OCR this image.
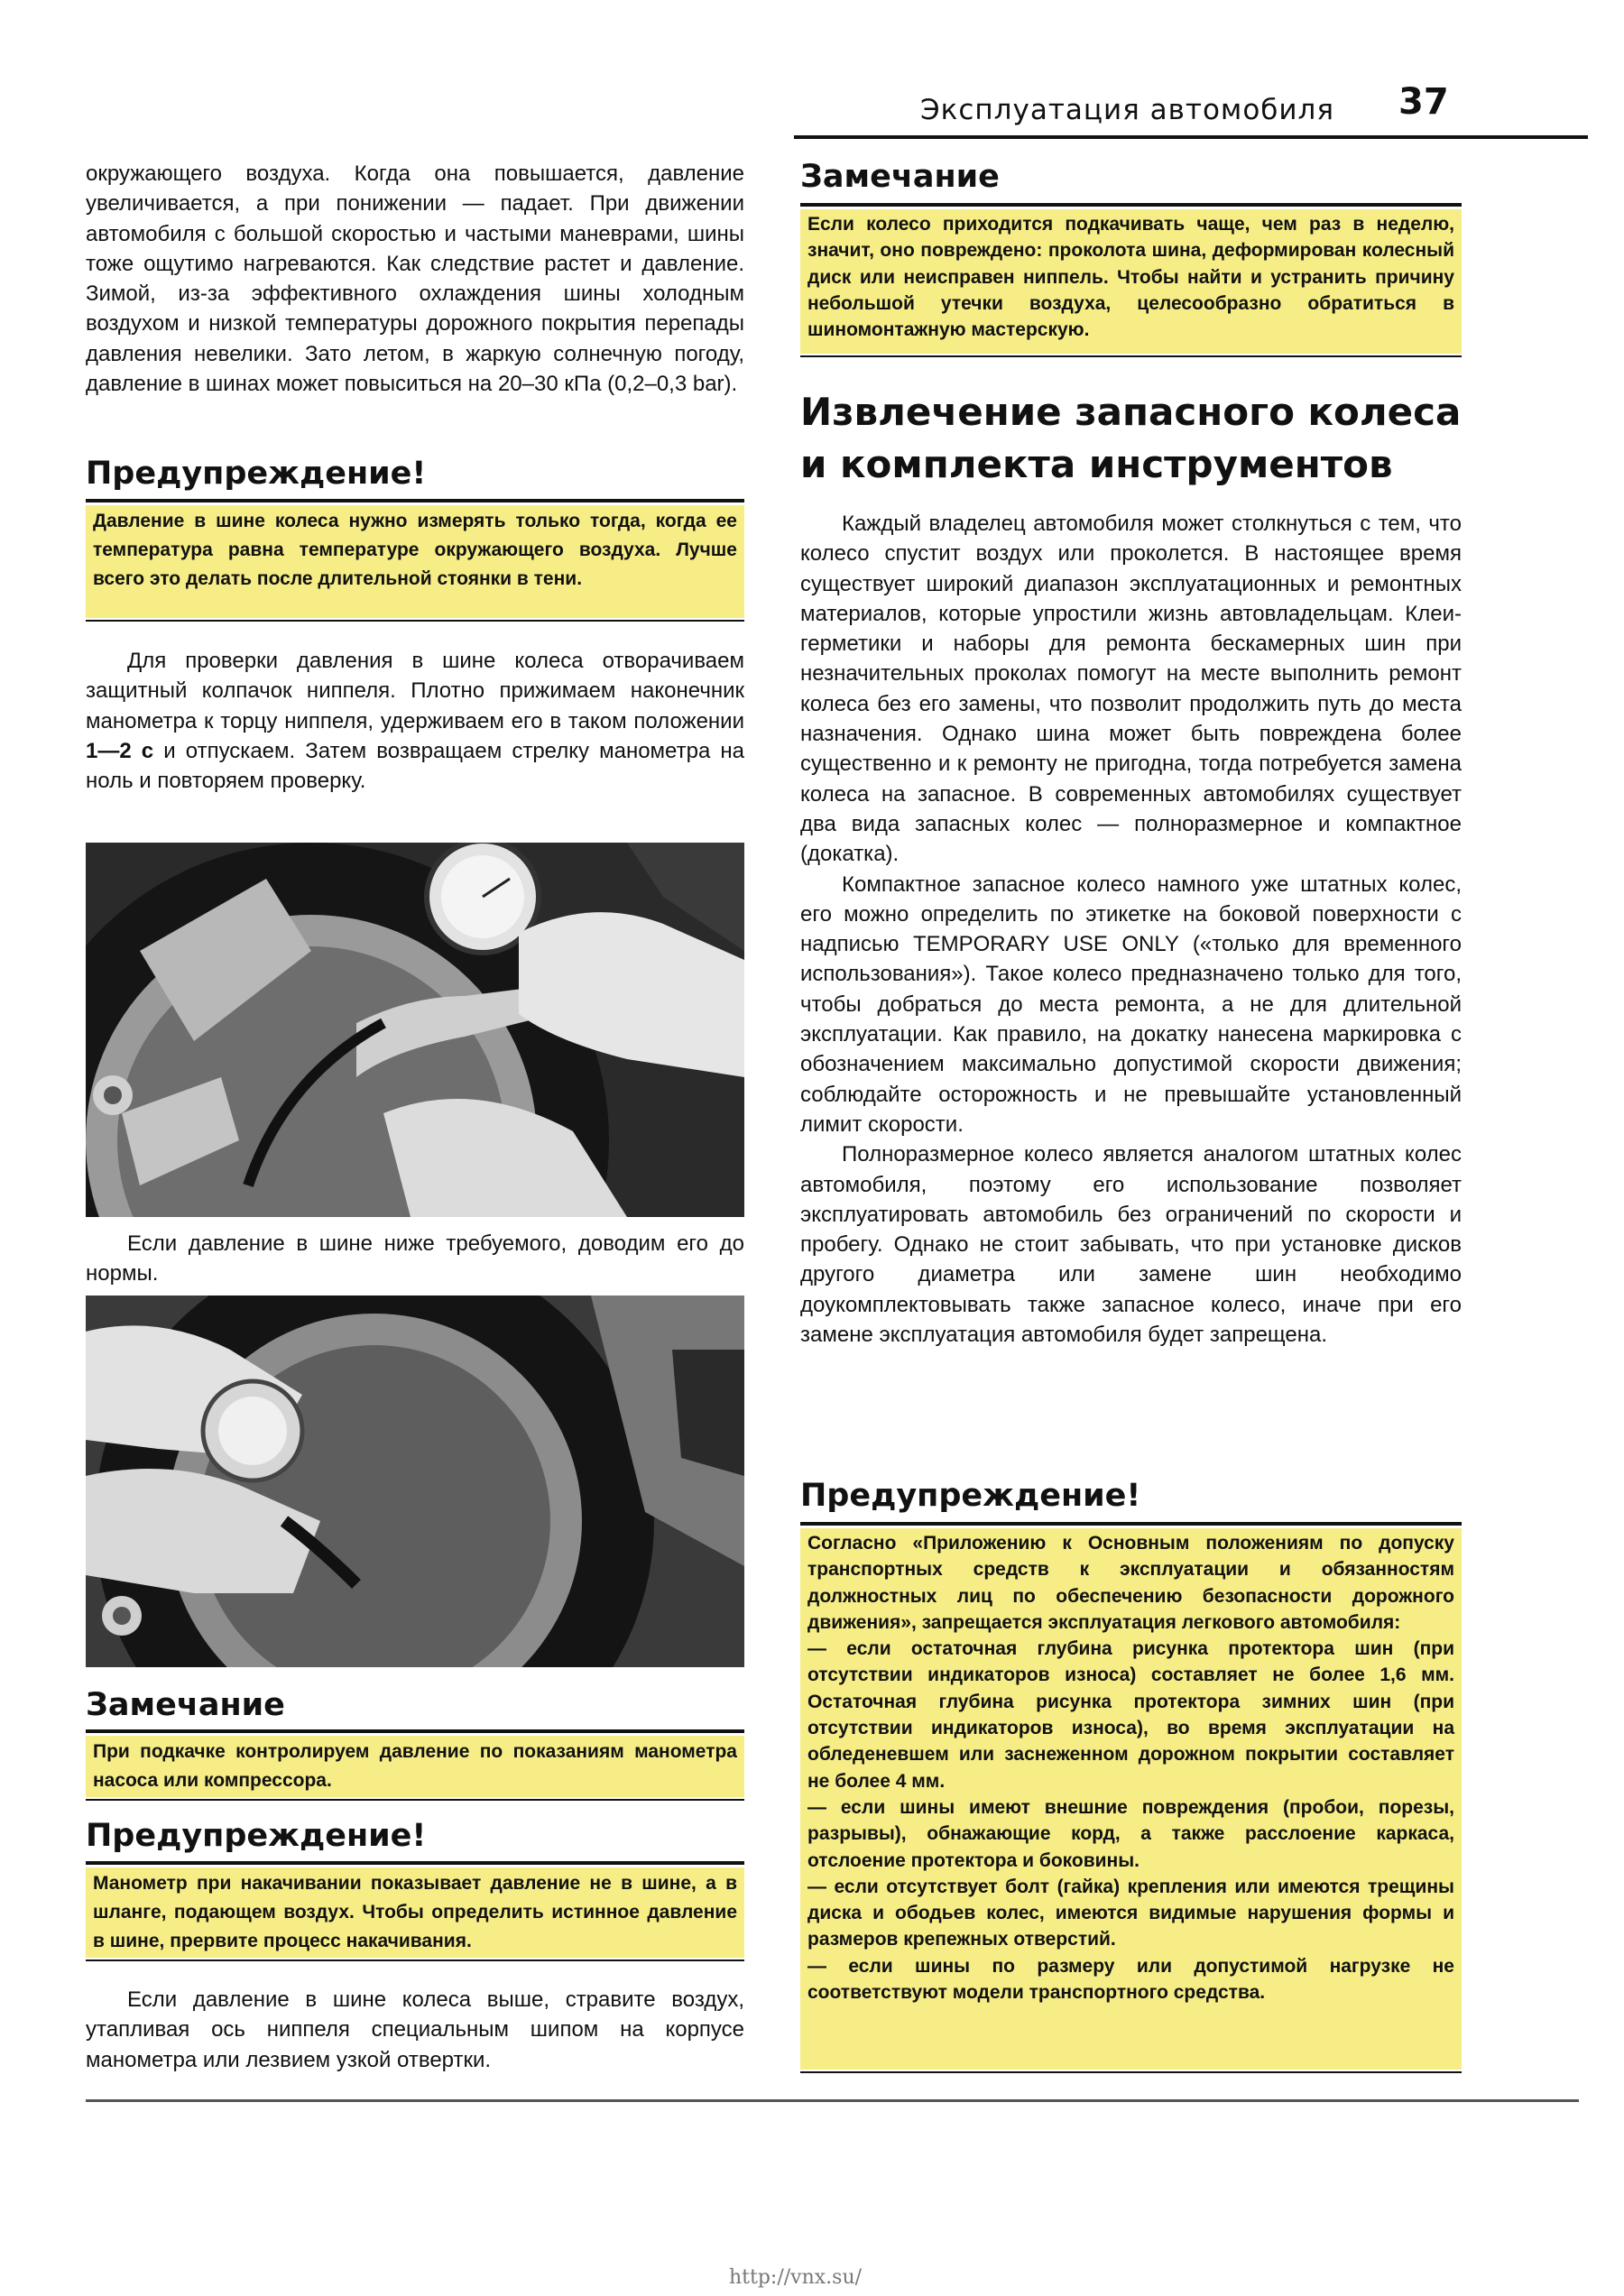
Эксплуатация автомобиля 37

окружающего воздуха. Когда она повышается, давление увеличивается, а при понижении — падает. При движении автомобиля с большой скоростью и частыми маневрами, шины тоже ощутимо нагреваются. Как следствие растет и давление. Зимой, из-за эффективного охлаждения шины холодным воздухом и низкой температуры дорожного покрытия перепады давления невелики. Зато летом, в жаркую солнечную погоду, давление в шинах может повыситься на 20–30 кПа (0,2–0,3 bar).

Предупреждение!

Давление в шине колеса нужно измерять только тогда, когда ее температура равна температуре окружающего воздуха. Лучше всего это делать после длительной стоянки в тени.

Для проверки давления в шине колеса отворачиваем защитный колпачок ниппеля. Плотно прижимаем наконечник манометра к торцу ниппеля, удерживаем его в таком положении 1—2 с и отпускаем. Затем возвращаем стрелку манометра на ноль и повторяем проверку.

Если давление в шине ниже требуемого, доводим его до нормы.

Замечание

При подкачке контролируем давление по показаниям манометра насоса или компрессора.

Предупреждение!

Манометр при накачивании показывает давление не в шине, а в шланге, подающем воздух. Чтобы определить истинное давление в шине, прервите процесс накачивания.

Если давление в шине колеса выше, стравите воздух, утапливая ось ниппеля специальным шипом на корпусе манометра или лезвием узкой отвертки.

Замечание

Если колесо приходится подкачивать чаще, чем раз в неделю, значит, оно повреждено: проколота шина, деформирован колесный диск или неисправен ниппель. Чтобы найти и устранить причину небольшой утечки воздуха, целесообразно обратиться в шиномонтажную мастерскую.

Извлечение запасного колеса
и комплекта инструментов

Каждый владелец автомобиля может столкнуться с тем, что колесо спустит воздух или проколется. В настоящее время существует широкий диапазон эксплуатационных и ремонтных материалов, которые упростили жизнь автовладельцам. Клеи-герметики и наборы для ремонта бескамерных шин при незначительных проколах помогут на месте выполнить ремонт колеса без его замены, что позволит продолжить путь до места назначения. Однако шина может быть повреждена более существенно и к ремонту не пригодна, тогда потребуется замена колеса на запасное. В современных автомобилях существует два вида запасных колес — полноразмерное и компактное (докатка).

Компактное запасное колесо намного уже штатных колес, его можно определить по этикетке на боковой поверхности с надписью TEMPORARY USE ONLY («только для временного использования»). Такое колесо предназначено только для того, чтобы добраться до места ремонта, а не для длительной эксплуатации. Как правило, на докатку нанесена маркировка с обозначением максимально допустимой скорости движения; соблюдайте осторожность и не превышайте установленный лимит скорости.

Полноразмерное колесо является аналогом штатных колес автомобиля, поэтому его использование позволяет эксплуатировать автомобиль без ограничений по скорости и пробегу. Однако не стоит забывать, что при установке дисков другого диаметра или замене шин необходимо доукомплектовывать также запасное колесо, иначе при его замене эксплуатация автомобиля будет запрещена.

Предупреждение!

Согласно «Приложению к Основным положениям по допуску транспортных средств к эксплуатации и обязанностям должностных лиц по обеспечению безопасности дорожного движения», запрещается эксплуатация легкового автомобиля:

— если остаточная глубина рисунка протектора шин (при отсутствии индикаторов износа) составляет не более 1,6 мм. Остаточная глубина рисунка протектора зимних шин (при отсутствии индикаторов износа), во время эксплуатации на обледеневшем или заснеженном дорожном покрытии составляет не более 4 мм.

— если шины имеют внешние повреждения (пробои, порезы, разрывы), обнажающие корд, а также расслоение каркаса, отслоение протектора и боковины.

— если отсутствует болт (гайка) крепления или имеются трещины диска и ободьев колес, имеются видимые нарушения формы и размеров крепежных отверстий.

— если шины по размеру или допустимой нагрузке не соответствуют модели транспортного средства.

http://vnx.su/
